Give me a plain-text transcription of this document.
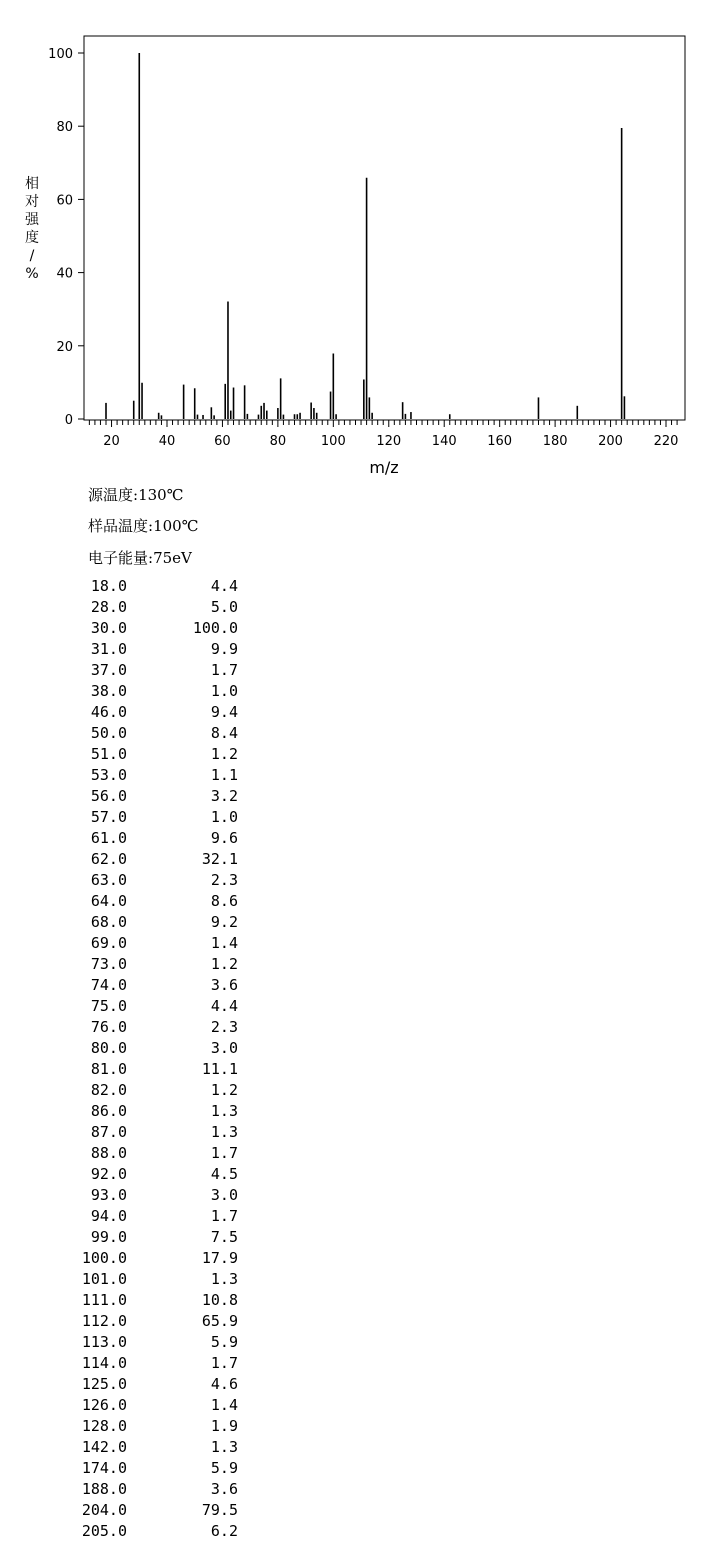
0
20
40
60
80
100
20	40	60	80	100 120 140 160 180 200 220
m/z
相
对
强
度
/
%
源温度:130℃
样品温度:100℃
电子能量:75eV
18.0	4.4
28.0	5.0
30.0	100.0
31.0	9.9
37.0	1.7
38.0	1.0
46.0	9.4
50.0	8.4
51.0	1.2
53.0	1.1
56.0	3.2
57.0	1.0
61.0	9.6
62.0	32.1
63.0	2.3
64.0	8.6
68.0	9.2
69.0	1.4
73.0	1.2
74.0	3.6
75.0	4.4
76.0	2.3
80.0	3.0
81.0	11.1
82.0	1.2
86.0	1.3
87.0	1.3
88.0	1.7
92.0	4.5
93.0	3.0
94.0	1.7
99.0	7.5
100.0	17.9
101.0	1.3
111.0	10.8
112.0	65.9
113.0	5.9
114.0	1.7
125.0	4.6
126.0	1.4
128.0	1.9
142.0	1.3
174.0	5.9
188.0	3.6
204.0	79.5
205.0	6.2
